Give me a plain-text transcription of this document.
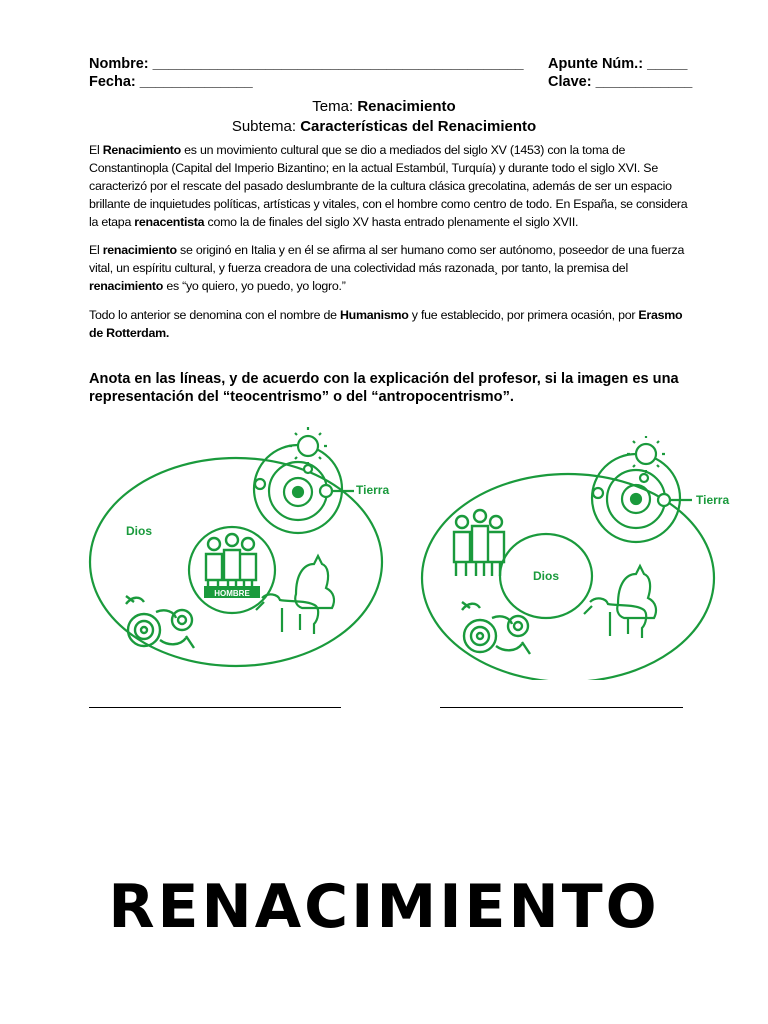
Nombre: ______________________________________________ Apunte Núm.: _____
Fecha: ______________	Clave: ____________
Tema: Renacimiento
Subtema: Características del Renacimiento
El Renacimiento es un movimiento cultural que se dio a mediados del siglo XV (1453) con la toma de Constantinopla (Capital del Imperio Bizantino; en la actual Estambúl, Turquía) y durante todo el siglo XVI. Se caracterizó por el rescate del pasado deslumbrante de la cultura clásica grecolatina, además de ser un espacio brillante de inquietudes políticas, artísticas y vitales, con el hombre como centro de todo. En España, se considera la etapa renacentista como la de finales del siglo XV hasta entrado plenamente el siglo XVII.
El renacimiento se originó en Italia y en él se afirma al ser humano como ser autónomo, poseedor de una fuerza vital, un espíritu cultural, y fuerza creadora de una colectividad más razonada¸ por tanto, la premisa del renacimiento es “yo quiero, yo puedo, yo logro.”
Todo lo anterior se denomina con el nombre de Humanismo y fue establecido, por primera ocasión, por Erasmo de Rotterdam.
Anota en las líneas, y de acuerdo con la explicación del profesor, si la imagen es una representación del “teocentrismo” o del “antropocentrismo”.
HOMBRE
Dios
Tierra
Dios
Tierra
RENACIMIENTO
